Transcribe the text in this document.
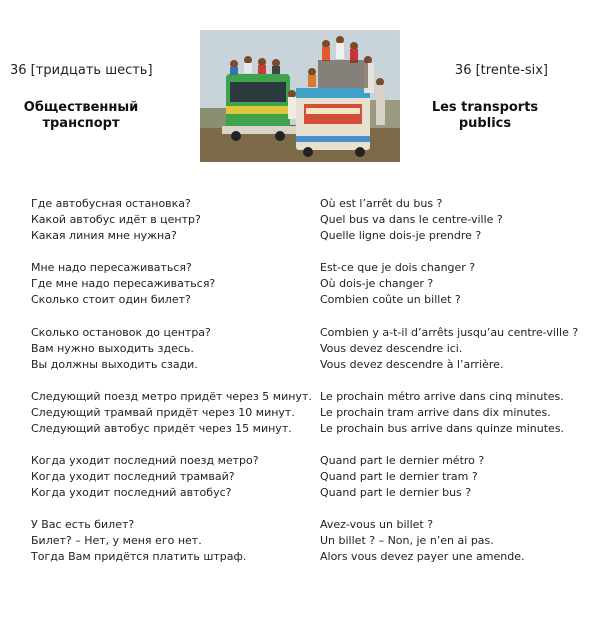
36 [тридцать шесть]	36 [trente-six]
Общественный
транспорт
Les transports
publics
Где автобусная остановка?
Какой автобус идёт в центр?
Какая линия мне нужна?
Мне надо пересаживаться?
Где мне надо пересаживаться?
Сколько стоит один билет?
Сколько остановок до центра?
Вам нужно выходить здесь.
Вы должны выходить сзади.
Следующий поезд метро придёт через 5 минут.
Следующий трамвай придёт через 10 минут.
Следующий автобус придёт через 15 минут.
Когда уходит последний поезд метро?
Когда уходит последний трамвай?
Когда уходит последний автобус?
У Вас есть билет?
Билет? – Нет, у меня его нет.
Тогда Вам придётся платить штраф.
Où est l’arrêt du bus ?
Quel bus va dans le centre-ville ?
Quelle ligne dois-je prendre ?
Est-ce que je dois changer ?
Où dois-je changer ?
Combien coûte un billet ?
Combien y a-t-il d’arrêts jusqu’au centre-ville ?
Vous devez descendre ici.
Vous devez descendre à l’arrière.
Le prochain métro arrive dans cinq minutes.
Le prochain tram arrive dans dix minutes.
Le prochain bus arrive dans quinze minutes.
Quand part le dernier métro ?
Quand part le dernier tram ?
Quand part le dernier bus ?
Avez-vous un billet ?
Un billet ? – Non, je n’en ai pas.
Alors vous devez payer une amende.
